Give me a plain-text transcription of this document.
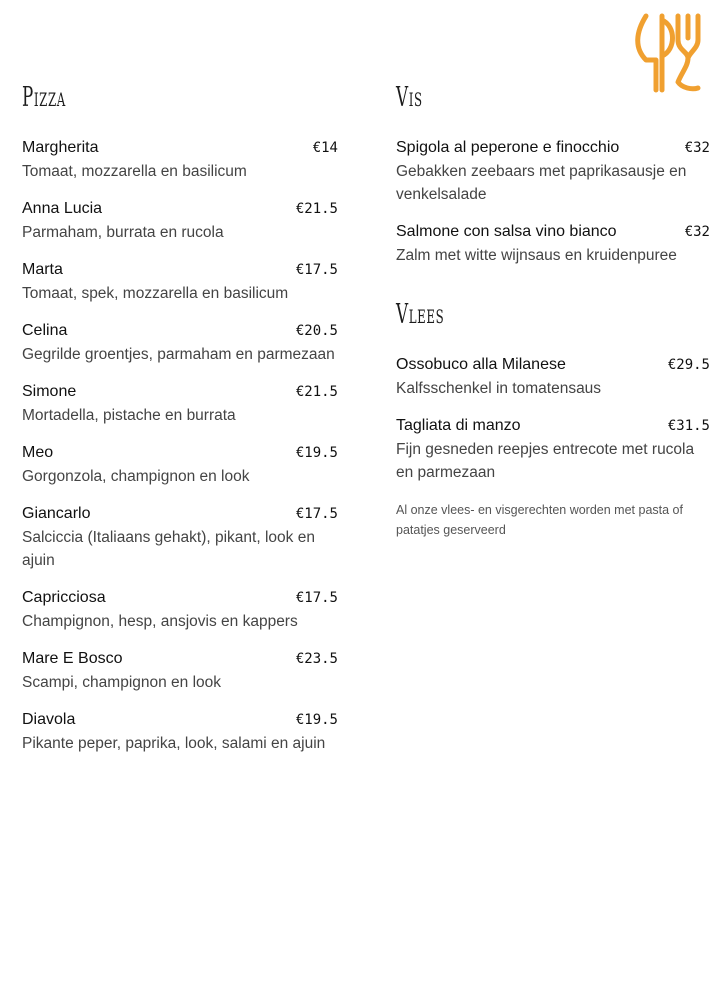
Pizza
Margherita	€14
Tomaat, mozzarella en basilicum
Anna Lucia	€21.5
Parmaham, burrata en rucola
Marta	€17.5
Tomaat, spek, mozzarella en basilicum
Celina	€20.5
Gegrilde groentjes, parmaham en parmezaan
Simone	€21.5
Mortadella, pistache en burrata
Meo	€19.5
Gorgonzola, champignon en look
Giancarlo	€17.5
Salciccia (Italiaans gehakt), pikant, look en ajuin
Capricciosa	€17.5
Champignon, hesp, ansjovis en kappers
Mare E Bosco	€23.5
Scampi, champignon en look
Diavola	€19.5
Pikante peper, paprika, look, salami en ajuin
Vis
Spigola al peperone e finocchio	€32
Gebakken zeebaars met paprikasausje en venkelsalade
Salmone con salsa vino bianco	€32
Zalm met witte wijnsaus en kruidenpuree
Vlees
Ossobuco alla Milanese	€29.5
Kalfsschenkel in tomatensaus
Tagliata di manzo	€31.5
Fijn gesneden reepjes entrecote met rucola en parmezaan
Al onze vlees- en visgerechten worden met pasta of patatjes geserveerd
